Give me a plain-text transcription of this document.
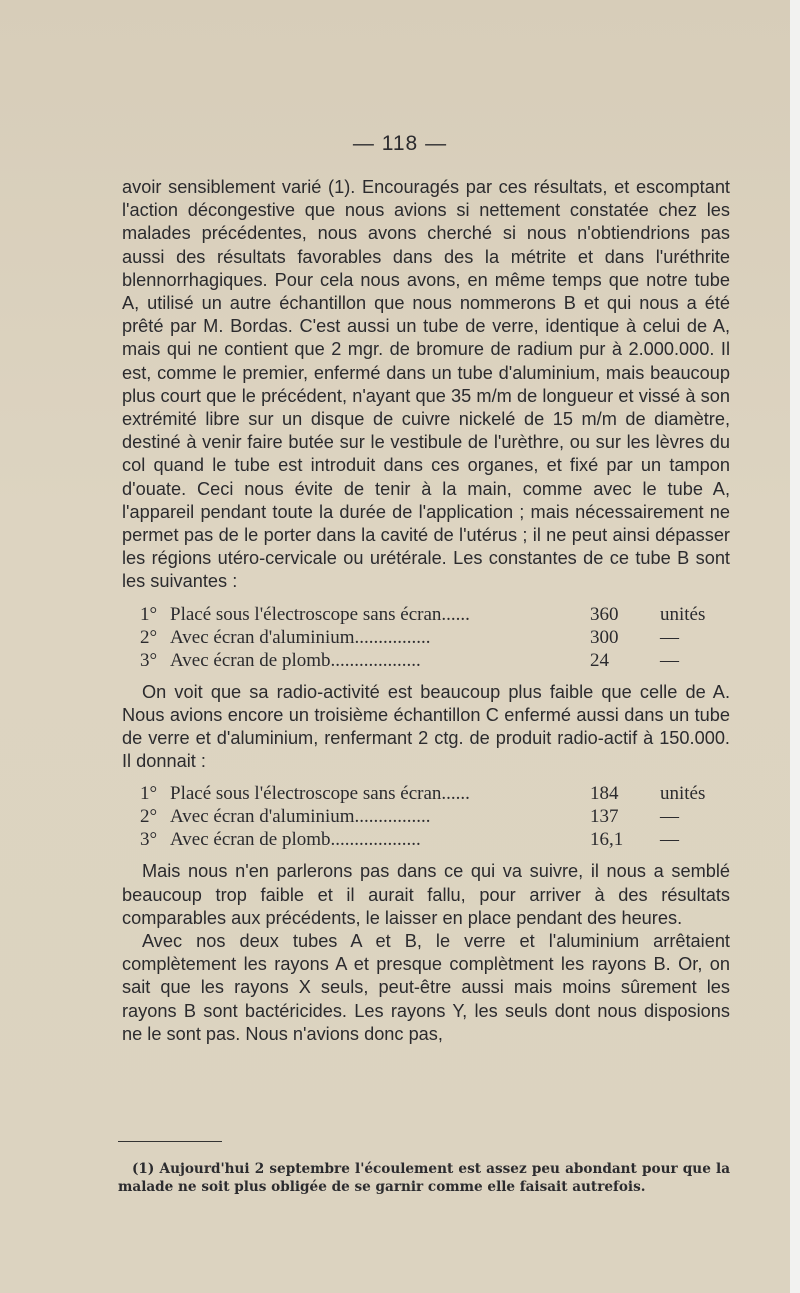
— 118 —

avoir sensiblement varié (1). Encouragés par ces résultats, et escomptant l'action décongestive que nous avions si nettement constatée chez les malades précédentes, nous avons cherché si nous n'obtiendrions pas aussi des résultats favorables dans des la métrite et dans l'uréthrite blennorrhagiques. Pour cela nous avons, en même temps que notre tube A, utilisé un autre échantillon que nous nommerons B et qui nous a été prêté par M. Bordas. C'est aussi un tube de verre, identique à celui de A, mais qui ne contient que 2 mgr. de bromure de radium pur à 2.000.000. Il est, comme le premier, enfermé dans un tube d'aluminium, mais beaucoup plus court que le précédent, n'ayant que 35 m/m de longueur et vissé à son extrémité libre sur un disque de cuivre nickelé de 15 m/m de diamètre, destiné à venir faire butée sur le vestibule de l'urèthre, ou sur les lèvres du col quand le tube est introduit dans ces organes, et fixé par un tampon d'ouate. Ceci nous évite de tenir à la main, comme avec le tube A, l'appareil pendant toute la durée de l'application ; mais nécessairement ne permet pas de le porter dans la cavité de l'utérus ; il ne peut ainsi dépasser les régions utéro-cervicale ou urétérale. Les constantes de ce tube B sont les suivantes :

1°	Placé sous l'électroscope sans écran......	360	unités
2°	Avec écran d'aluminium................	300	—
3°	Avec écran de plomb...................	24	—

On voit que sa radio-activité est beaucoup plus faible que celle de A. Nous avions encore un troisième échantillon C enfermé aussi dans un tube de verre et d'aluminium, renfermant 2 ctg. de produit radio-actif à 150.000. Il donnait :

1°	Placé sous l'électroscope sans écran......	184	unités
2°	Avec écran d'aluminium................	137	—
3°	Avec écran de plomb...................	16,1	—

Mais nous n'en parlerons pas dans ce qui va suivre, il nous a semblé beaucoup trop faible et il aurait fallu, pour arriver à des résultats comparables aux précédents, le laisser en place pendant des heures.

Avec nos deux tubes A et B, le verre et l'aluminium arrêtaient complètement les rayons A et presque complètment les rayons B. Or, on sait que les rayons X seuls, peut-être aussi mais moins sûrement les rayons B sont bactéricides. Les rayons Y, les seuls dont nous disposions ne le sont pas. Nous n'avions donc pas,

(1) Aujourd'hui 2 septembre l'écoulement est assez peu abondant pour que la malade ne soit plus obligée de se garnir comme elle faisait autrefois.
